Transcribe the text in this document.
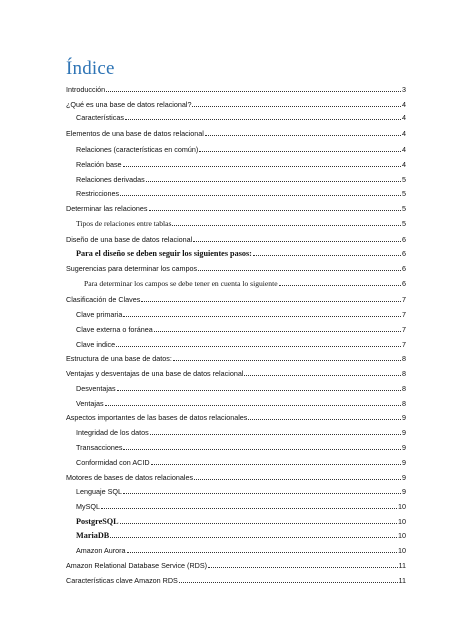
Índice
Introducción	3
¿Qué es una base de datos relacional?	4
Características	4
Elementos de una base de datos relacional	4
Relaciones (características en común)	4
Relación base	4
Relaciones derivadas	5
Restricciones	5
Determinar las relaciones	5
Tipos de relaciones entre tablas	5
Diseño de una base de datos relacional	6
Para el diseño se deben seguir los siguientes pasos:	6
Sugerencias para determinar los campos	6
Para determinar los campos se debe tener en cuenta lo siguiente	6
Clasificación de Claves	7
Clave primaria	7
Clave externa o foránea	7
Clave indice	7
Estructura de una base de datos:	8
Ventajas y desventajas de una base de datos relacional	8
Desventajas	8
Ventajas	8
Aspectos importantes de las bases de datos relacionales	9
Integridad de los datos	9
Transacciones	9
Conformidad con ACID	9
Motores de bases de datos relacionales	9
Lenguaje SQL	9
MySQL	10
PostgreSQL	10
MariaDB	10
Amazon Aurora	10
Amazon Relational Database Service (RDS)	11
Características clave Amazon RDS	11
